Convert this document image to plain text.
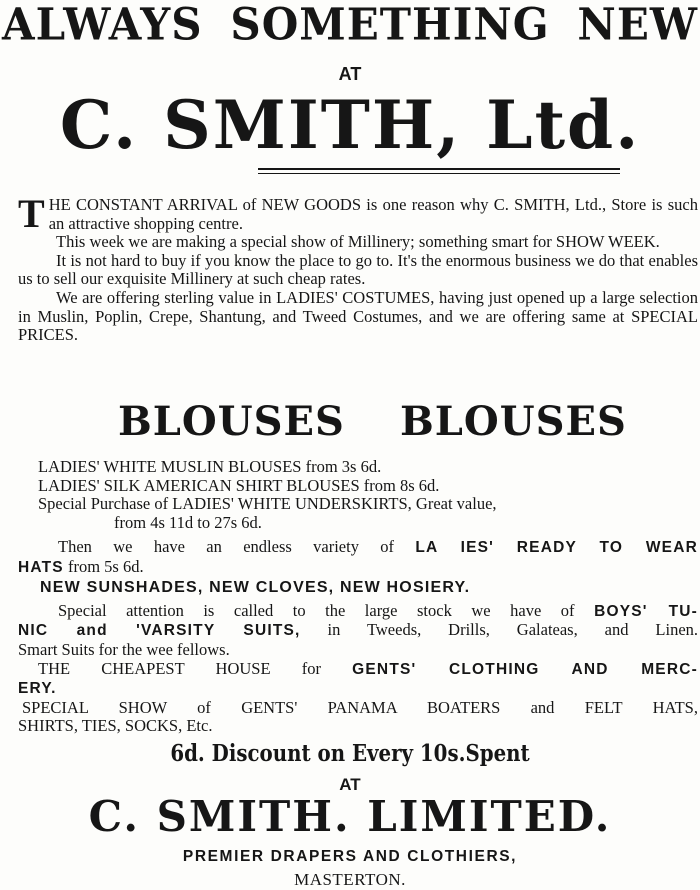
ALWAYS SOMETHING NEW
AT
C. SMITH, Ltd.

THE CONSTANT ARRIVAL of NEW GOODS is one reason why C. SMITH, Ltd., Store is such an attractive shopping centre.

This week we are making a special show of Millinery; something smart for SHOW WEEK.

It is not hard to buy if you know the place to go to. It's the enormous business we do that enables us to sell our exquisite Millinery at such cheap rates.

We are offering sterling value in LADIES' COSTUMES, having just opened up a large selection in Muslin, Poplin, Crepe, Shantung, and Tweed Costumes, and we are offering same at SPECIAL PRICES.

BLOUSES BLOUSES
LADIES' WHITE MUSLIN BLOUSES from 3s 6d.
LADIES' SILK AMERICAN SHIRT BLOUSES from 8s 6d.
Special Purchase of LADIES' WHITE UNDERSKIRTS, Great value,
from 4s 11d to 27s 6d.
Then we have an endless variety of LA IES' READY TO WEAR
HATS from 5s 6d.
NEW SUNSHADES, NEW CLOVES, NEW HOSIERY.
Special attention is called to the large stock we have of BOYS' TU-
NIC and 'VARSITY SUITS, in Tweeds, Drills, Galateas, and Linen.
Smart Suits for the wee fellows.
THE CHEAPEST HOUSE for GENTS' CLOTHING AND MERC-
ERY.
SPECIAL SHOW of GENTS' PANAMA BOATERS and FELT HATS,
SHIRTS, TIES, SOCKS, Etc.
6d. Discount on Every 10s.Spent
AT
C. SMITH. LIMITED.
PREMIER DRAPERS AND CLOTHIERS,
MASTERTON.
